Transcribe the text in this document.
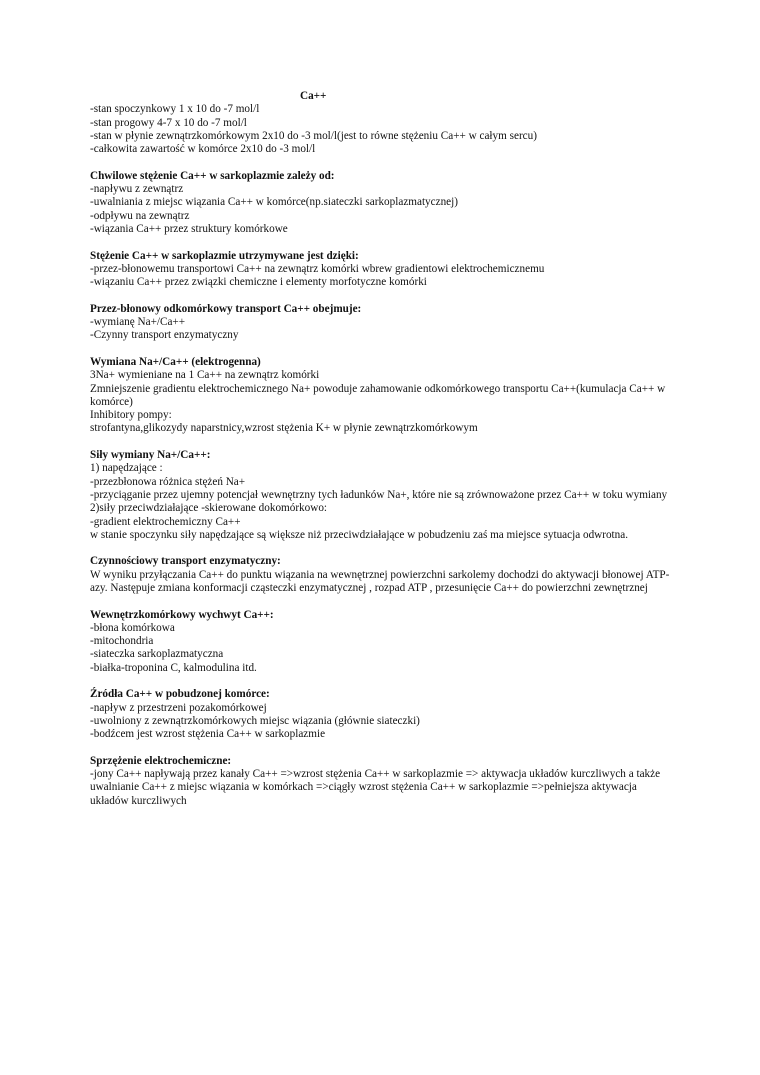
Ca++
-stan spoczynkowy 1 x 10 do -7 mol/l
-stan progowy 4-7 x 10 do -7 mol/l
-stan w płynie zewnątrzkomórkowym 2x10 do -3 mol/l(jest to równe stężeniu Ca++ w całym sercu)
-całkowita zawartość w komórce 2x10 do -3 mol/l
Chwilowe stężenie Ca++ w sarkoplazmie zależy od:
-napływu z zewnątrz
-uwalniania z miejsc wiązania Ca++ w komórce(np.siateczki sarkoplazmatycznej)
-odpływu na zewnątrz
-wiązania Ca++ przez struktury komórkowe
Stężenie Ca++ w sarkoplazmie utrzymywane jest dzięki:
-przez-błonowemu transportowi Ca++ na zewnątrz komórki wbrew gradientowi elektrochemicznemu
-wiązaniu Ca++ przez związki chemiczne i elementy morfotyczne komórki
Przez-błonowy odkomórkowy transport Ca++ obejmuje:
-wymianę Na+/Ca++
-Czynny transport enzymatyczny
Wymiana Na+/Ca++ (elektrogenna)
3Na+ wymieniane na 1 Ca++ na zewnątrz komórki
Zmniejszenie gradientu elektrochemicznego Na+ powoduje zahamowanie odkomórkowego transportu Ca++(kumulacja Ca++ w komórce)
Inhibitory pompy:
strofantyna,glikozydy naparstnicy,wzrost stężenia K+ w płynie zewnątrzkomórkowym
Siły wymiany Na+/Ca++:
1) napędzające :
-przezbłonowa różnica stężeń Na+
-przyciąganie przez ujemny potencjał wewnętrzny tych ładunków Na+, które nie są zrównoważone przez Ca++ w toku wymiany
2)siły przeciwdziałające -skierowane dokomórkowo:
-gradient elektrochemiczny Ca++
w stanie spoczynku siły napędzające są większe niż przeciwdziałające w pobudzeniu zaś ma miejsce sytuacja odwrotna.
Czynnościowy transport enzymatyczny:
W wyniku przyłączania Ca++ do punktu wiązania na wewnętrznej powierzchni sarkolemy dochodzi do aktywacji błonowej ATP-azy. Następuje zmiana konformacji cząsteczki enzymatycznej , rozpad ATP , przesunięcie Ca++ do powierzchni zewnętrznej
Wewnętrzkomórkowy wychwyt Ca++:
-błona komórkowa
-mitochondria
-siateczka sarkoplazmatyczna
-białka-troponina C, kalmodulina itd.
Źródła Ca++ w pobudzonej komórce:
-napływ z przestrzeni pozakomórkowej
-uwolniony z zewnątrzkomórkowych miejsc wiązania (głównie siateczki)
-bodźcem jest wzrost stężenia Ca++ w sarkoplazmie
Sprzężenie elektrochemiczne:
-jony Ca++ napływają przez kanały Ca++ =>wzrost stężenia Ca++ w sarkoplazmie => aktywacja układów kurczliwych a także uwalnianie Ca++ z miejsc wiązania w komórkach =>ciągły wzrost stężenia Ca++ w sarkoplazmie =>pełniejsza aktywacja układów kurczliwych
